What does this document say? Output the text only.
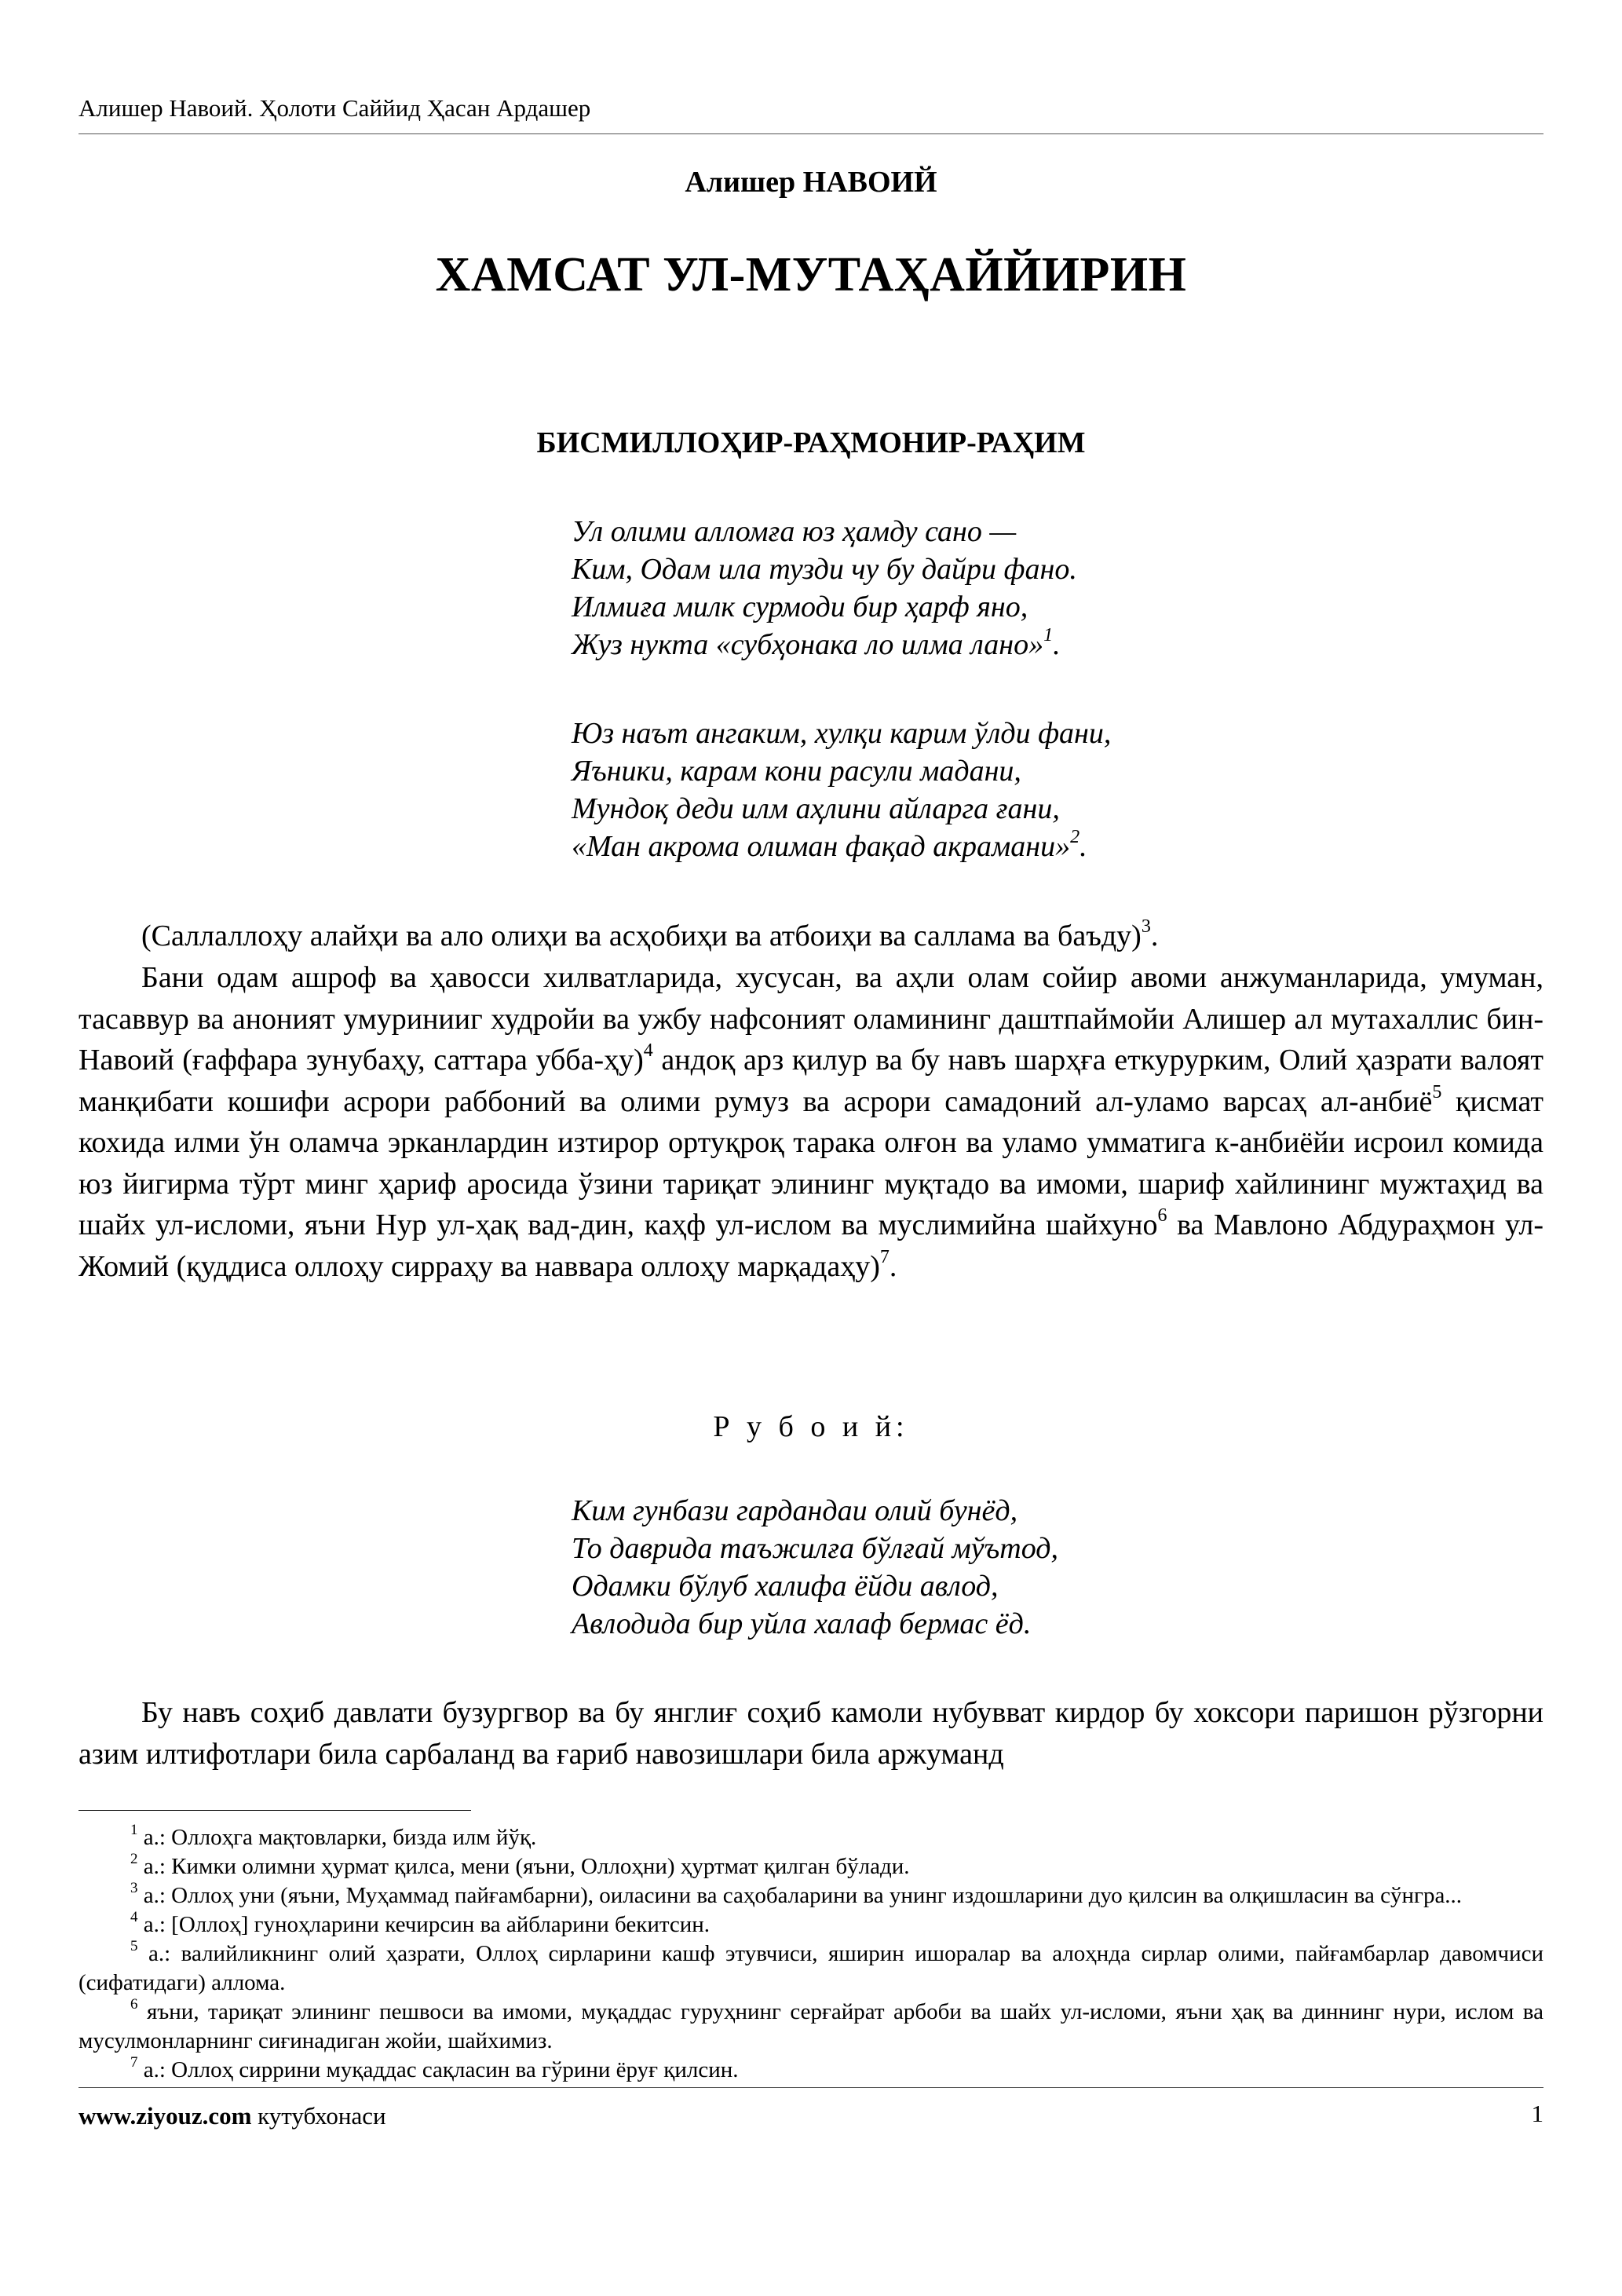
Алишер Навоий. Ҳолоти Саййид Ҳасан Ардашер
Алишер НАВОИЙ
ХАМСАТ УЛ-МУТАҲАЙЙИРИН
БИСМИЛЛОҲИР-РАҲМОНИР-РАҲИМ
Ул олими алломға юз ҳамду сано —
Ким, Одам ила тузди чу бу дайри фано.
Илмиға милк сурмоди бир ҳарф яно,
Жуз нукта «субҳонака ло илма лано»$^1$.
Юз наът ангаким, хулқи карим ўлди фани,
Яъники, карам кони расули мадани,
Мундоқ деди илм аҳлини айларга ғани,
«Ман акрома олиман фақад акрамани»$^2$.

(Саллаллоҳу алайҳи ва ало олиҳи ва асҳобиҳи ва атбоиҳи ва саллама ва баъду)$^3$.

Бани одам ашроф ва ҳавосси хилватларида, хусусан, ва аҳли олам сойир авоми анжуманларида, умуман, тасаввур ва аноният умуринииг худройи ва ужбу нафсоният оламининг даштпаймойи Алишер ал мутахаллис бин-Навоий (ғаффара зунубаҳу, саттара убба-ҳу)$^4$ андоқ арз қилур ва бу навъ шарҳға еткурурким, Олий ҳазрати валоят манқибати кошифи асрори раббоний ва олими румуз ва асрори самадоний ал-уламо варсаҳ ал-анбиё$^5$ қисмат кохида илми ўн оламча эрканлардин изтирор ортуқроқ тарака олғон ва уламо умматига к-анбиёйи исроил комида юз йигирма тўрт минг ҳариф аросида ўзини тариқат элининг муқтадо ва имоми, шариф хайлининг мужтаҳид ва шайх ул-исломи, яъни Нур ул-ҳақ вад-дин, каҳф ул-ислом ва муслимийна шайхуно$^6$ ва Мавлоно Абдураҳмон ул-Жомий (қуддиса оллоҳу сирраҳу ва наввара оллоҳу марқадаҳу)$^7$.

Р у б о и й:
Ким гунбази гардандаи олий бунёд,
То даврида таъжилға бўлғай мўътод,
Одамки бўлуб халифа ёйди авлод,
Авлодида бир уйла халаф бермас ёд.

Бу навъ соҳиб давлати бузургвор ва бу янглиғ соҳиб камоли нубувват кирдор бу хоксори паришон рўзгорни азим илтифотлари била сарбаланд ва ғариб навозишлари била аржуманд

$^1$ а.: Оллоҳга мақтовларки, бизда илм йўқ.

$^2$ а.: Кимки олимни ҳурмат қилса, мени (яъни, Оллоҳни) ҳуртмат қилган бўлади.

$^3$ а.: Оллоҳ уни (яъни, Муҳаммад пайғамбарни), оиласини ва саҳобаларини ва унинг издошларини дуо қилсин ва олқишласин ва сўнгра...

$^4$ а.: [Оллоҳ] гуноҳларини кечирсин ва айбларини бекитсин.

$^5$ а.: валийликнинг олий ҳазрати, Оллоҳ сирларини кашф этувчиси, яширин ишоралар ва алоҳнда сирлар олими, пайғамбарлар давомчиси (сифатидаги) аллома.

$^6$ яъни, тариқат элининг пешвоси ва имоми, муқаддас гуруҳнинг серғайрат арбоби ва шайх ул-исломи, яъни ҳақ ва диннинг нури, ислом ва мусулмонларнинг сиғинадиган жойи, шайхимиз.

$^7$ а.: Оллоҳ сиррини муқаддас сақласин ва гўрини ёруғ қилсин.

www.ziyouz.com кутубхонаси	1
